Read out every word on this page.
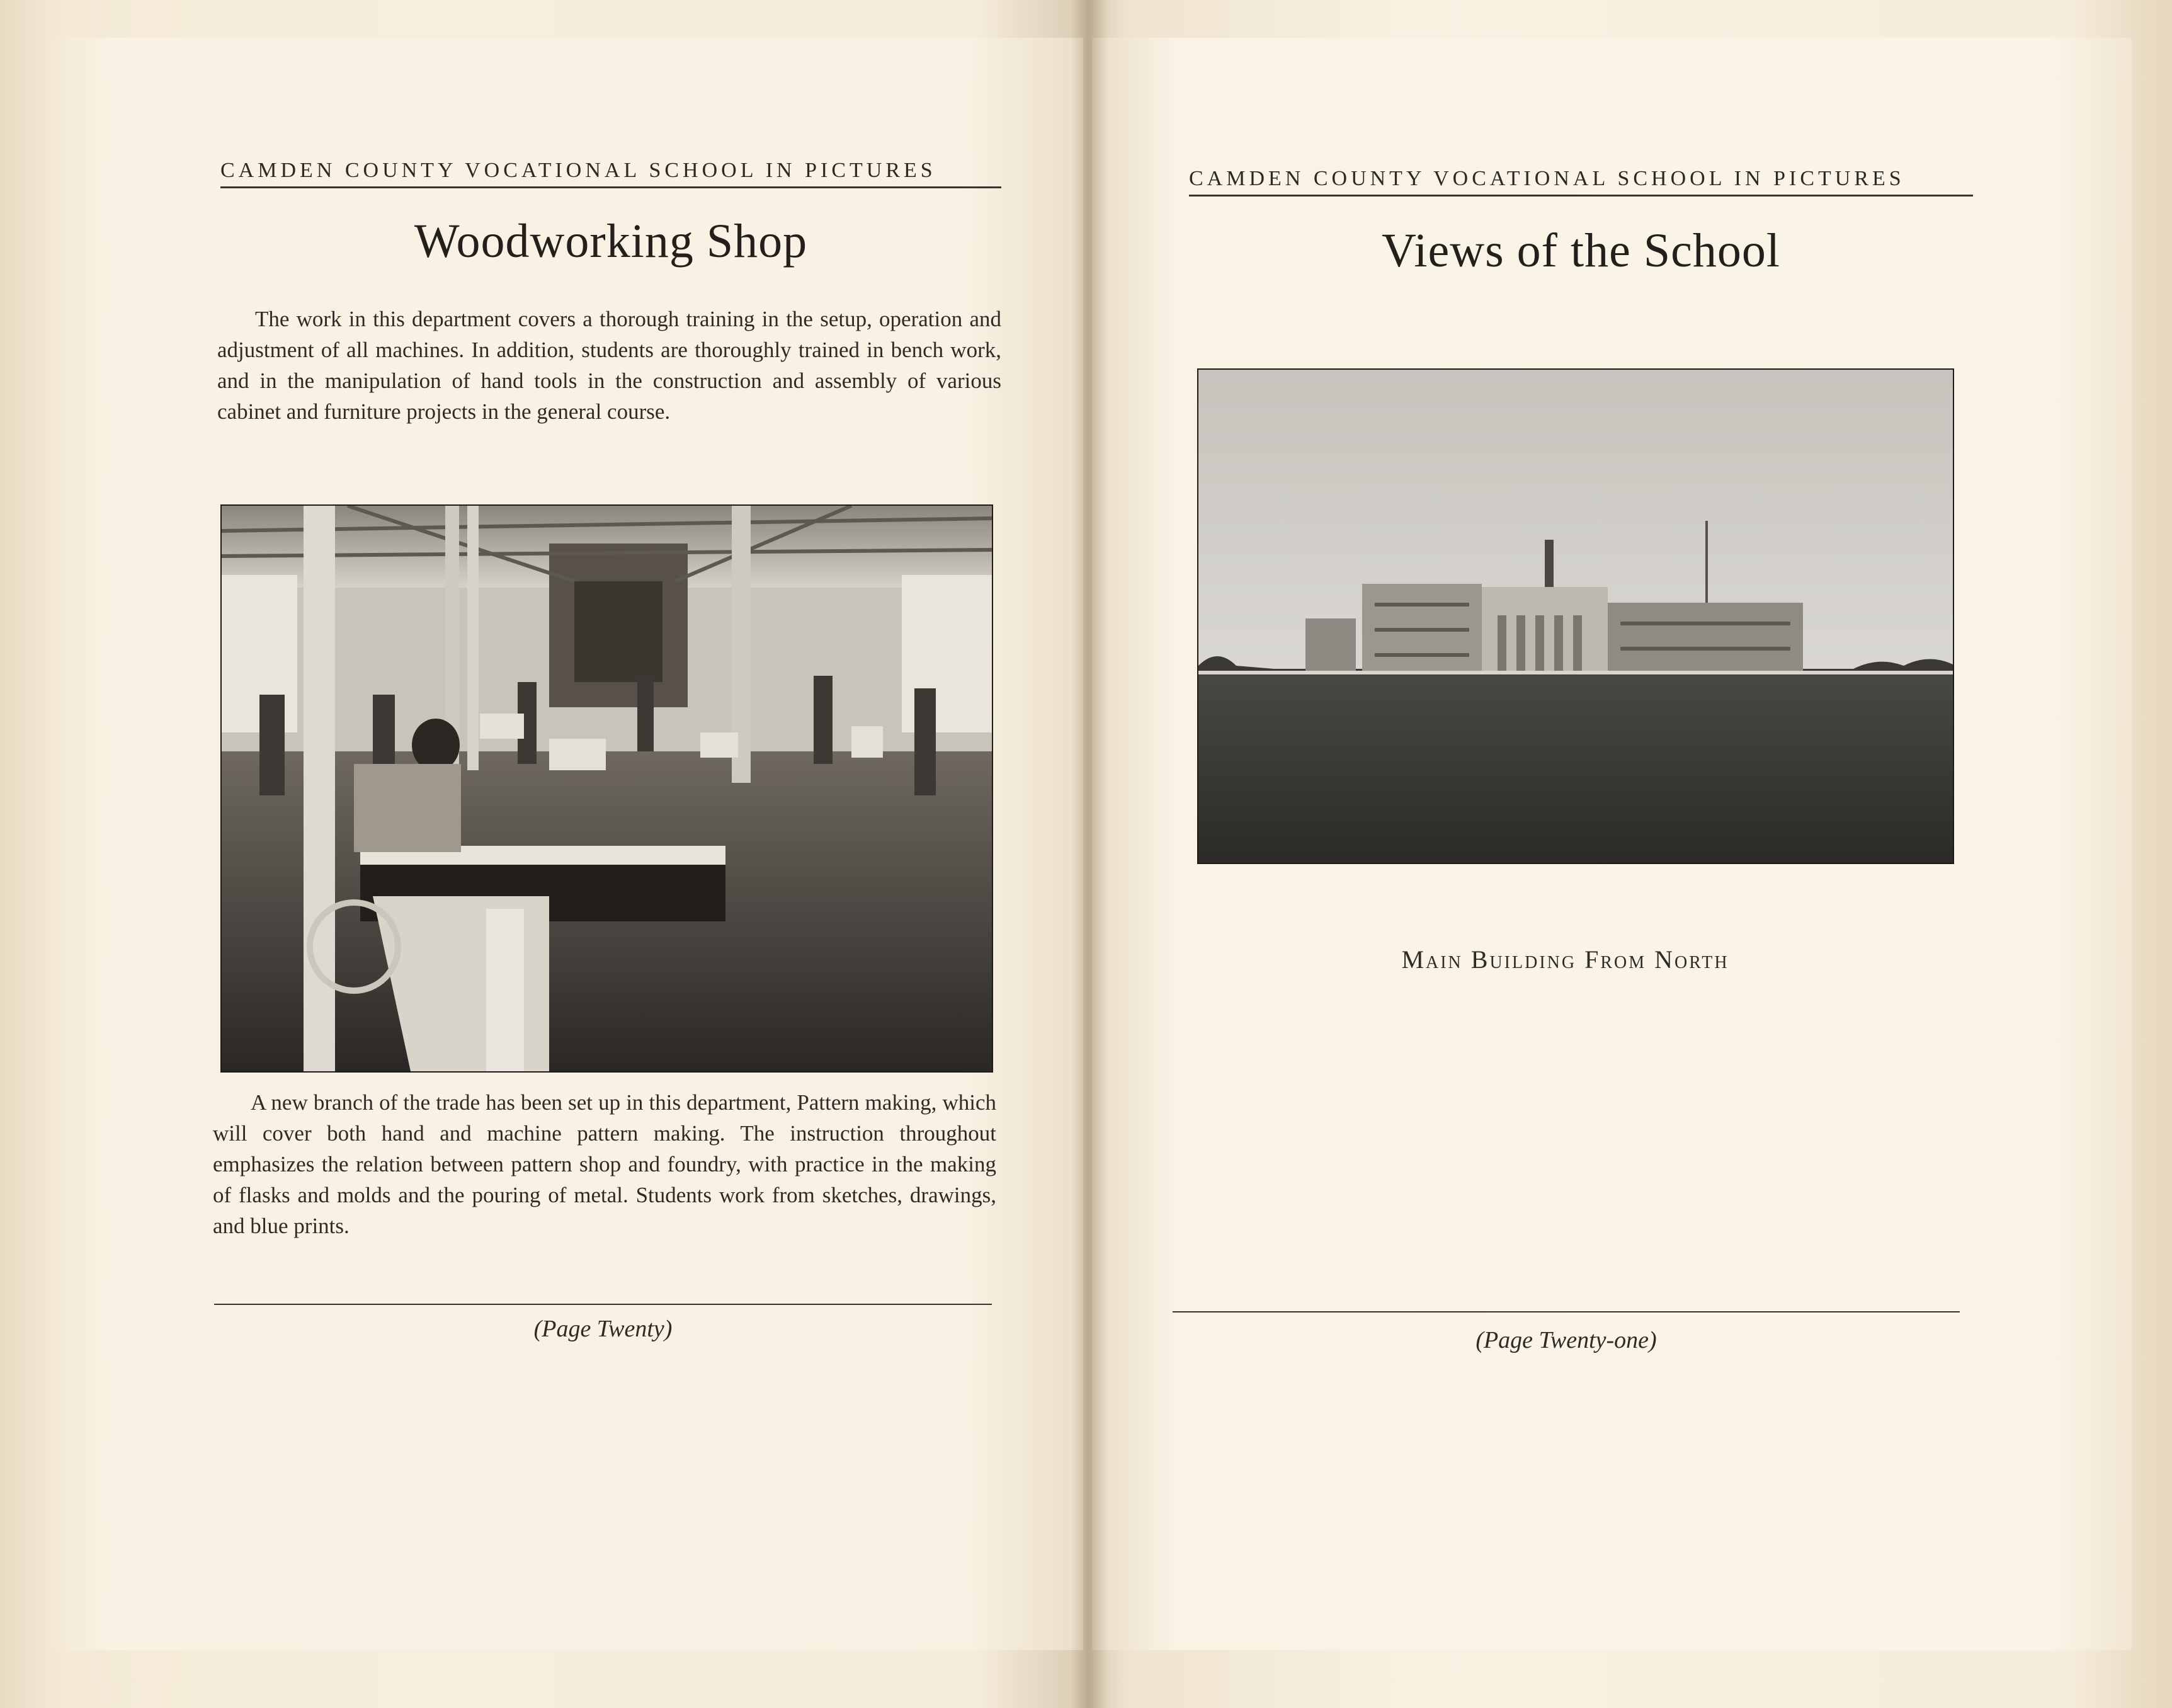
CAMDEN COUNTY VOCATIONAL SCHOOL IN PICTURES
Woodworking Shop
The work in this department covers a thorough training in the setup, operation and adjustment of all machines. In addition, students are thoroughly trained in bench work, and in the manipulation of hand tools in the construction and assembly of various cabinet and furniture projects in the general course.
A new branch of the trade has been set up in this department, Pattern making, which will cover both hand and machine pattern making. The instruction throughout emphasizes the relation between pattern shop and foundry, with practice in the making of flasks and molds and the pouring of metal. Students work from sketches, drawings, and blue prints.
(Page Twenty)
CAMDEN COUNTY VOCATIONAL SCHOOL IN PICTURES
Views of the School
Main Building From North
(Page Twenty-one)
